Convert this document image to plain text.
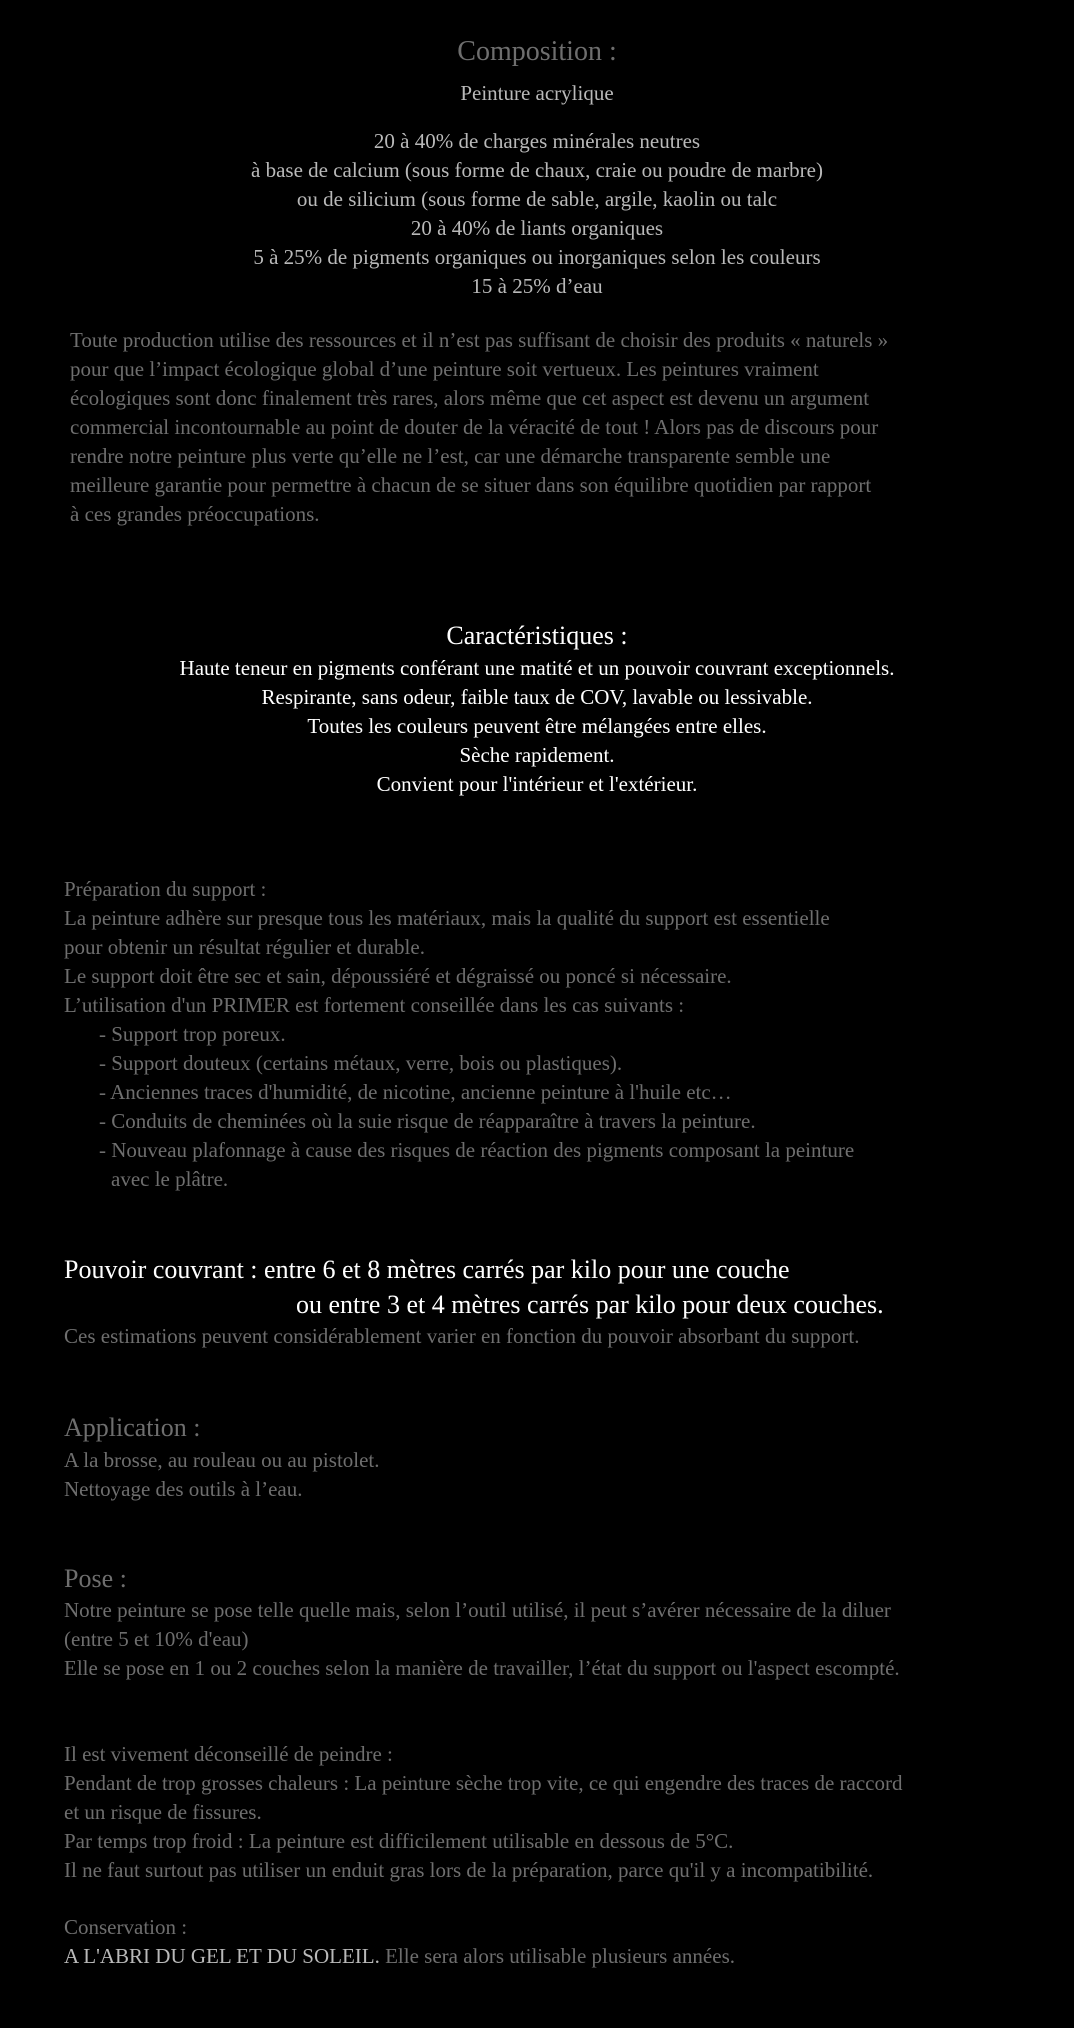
Composition :
Peinture acrylique
20 à 40% de charges minérales neutres
à base de calcium (sous forme de chaux, craie ou poudre de marbre)
ou de silicium (sous forme de sable, argile, kaolin ou talc
20 à 40% de liants organiques
5 à 25% de pigments organiques ou inorganiques selon les couleurs
15 à 25% d’eau
Toute production utilise des ressources et il n’est pas suffisant de choisir des produits « naturels »
pour que l’impact écologique global d’une peinture soit vertueux. Les peintures vraiment
écologiques sont donc finalement très rares, alors même que cet aspect est devenu un argument
commercial incontournable au point de douter de la véracité de tout ! Alors pas de discours pour
rendre notre peinture plus verte qu’elle ne l’est, car une démarche transparente semble une
meilleure garantie pour permettre à chacun de se situer dans son équilibre quotidien par rapport
à ces grandes préoccupations.
Caractéristiques :
Haute teneur en pigments conférant une matité et un pouvoir couvrant exceptionnels.
Respirante, sans odeur, faible taux de COV, lavable ou lessivable.
Toutes les couleurs peuvent être mélangées entre elles.
Sèche rapidement.
Convient pour l'intérieur et l'extérieur.
Préparation du support :
La peinture adhère sur presque tous les matériaux, mais la qualité du support est essentielle
pour obtenir un résultat régulier et durable.
Le support doit être sec et sain, dépoussiéré et dégraissé ou poncé si nécessaire.
L’utilisation d'un PRIMER est fortement conseillée dans les cas suivants :
- Support trop poreux.
- Support douteux (certains métaux, verre, bois ou plastiques).
- Anciennes traces d'humidité, de nicotine, ancienne peinture à l'huile etc…
- Conduits de cheminées où la suie risque de réapparaître à travers la peinture.
- Nouveau plafonnage à cause des risques de réaction des pigments composant la peinture
avec le plâtre.
Pouvoir couvrant : entre 6 et 8 mètres carrés par kilo pour une couche
ou entre 3 et 4 mètres carrés par kilo pour deux couches.
Ces estimations peuvent considérablement varier en fonction du pouvoir absorbant du support.
Application :
A la brosse, au rouleau ou au pistolet.
Nettoyage des outils à l’eau.
Pose :
Notre peinture se pose telle quelle mais, selon l’outil utilisé, il peut s’avérer nécessaire de la diluer
(entre 5 et 10% d'eau)
Elle se pose en 1 ou 2 couches selon la manière de travailler, l’état du support ou l'aspect escompté.
Il est vivement déconseillé de peindre :
Pendant de trop grosses chaleurs : La peinture sèche trop vite, ce qui engendre des traces de raccord
et un risque de fissures.
Par temps trop froid : La peinture est difficilement utilisable en dessous de 5°C.
Il ne faut surtout pas utiliser un enduit gras lors de la préparation, parce qu'il y a incompatibilité.
Conservation :
A L'ABRI DU GEL ET DU SOLEIL. Elle sera alors utilisable plusieurs années.
